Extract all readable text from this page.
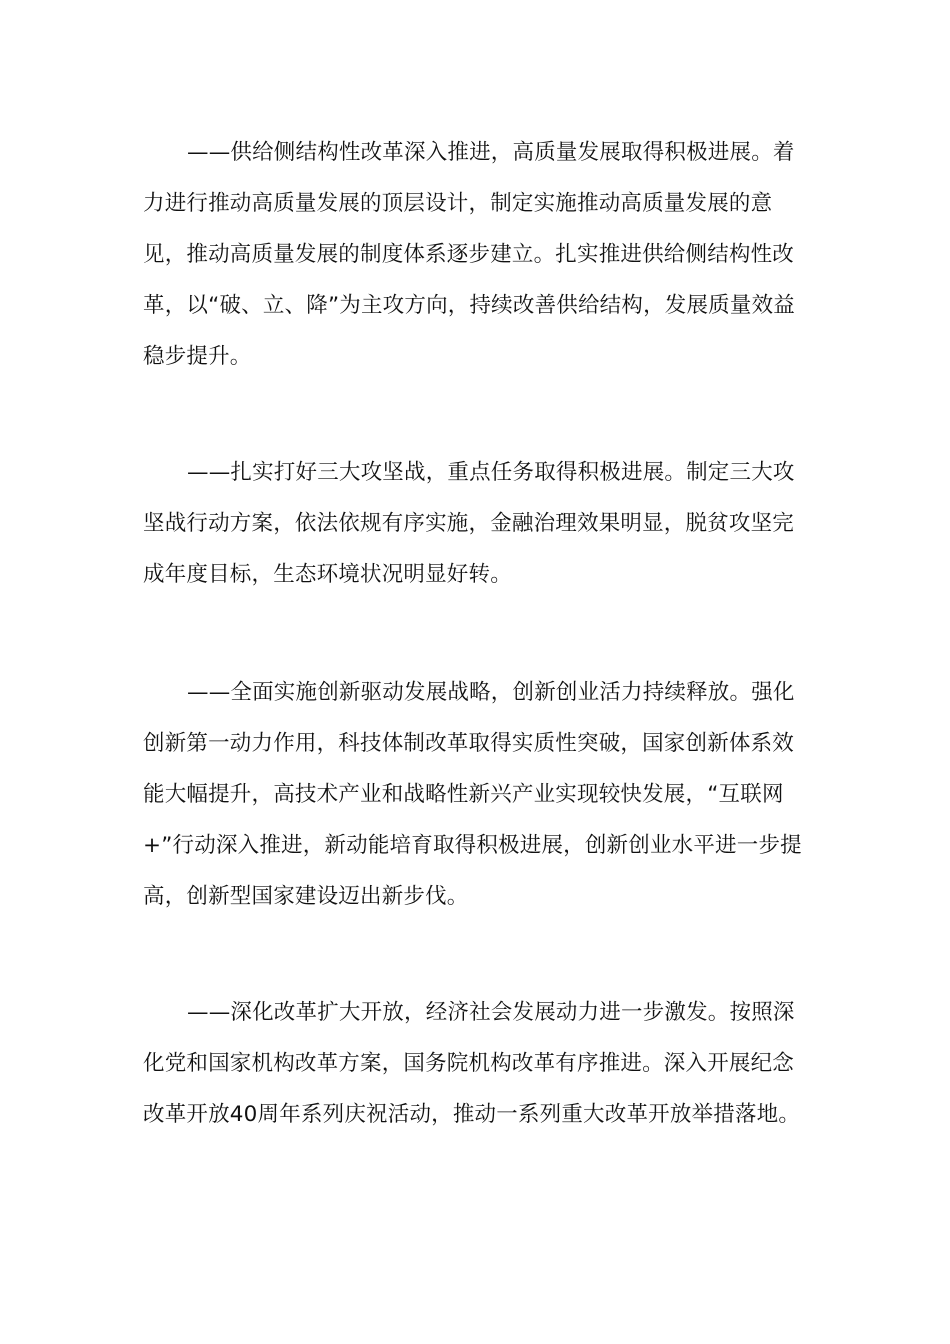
——供给侧结构性改革深入推进，高质量发展取得积极进展。着力进行推动高质量发展的顶层设计，制定实施推动高质量发展的意见，推动高质量发展的制度体系逐步建立。扎实推进供给侧结构性改革，以“破、立、降”为主攻方向，持续改善供给结构，发展质量效益稳步提升。

——扎实打好三大攻坚战，重点任务取得积极进展。制定三大攻坚战行动方案，依法依规有序实施，金融治理效果明显，脱贫攻坚完成年度目标，生态环境状况明显好转。

——全面实施创新驱动发展战略，创新创业活力持续释放。强化创新第一动力作用，科技体制改革取得实质性突破，国家创新体系效能大幅提升，高技术产业和战略性新兴产业实现较快发展，“互联网+”行动深入推进，新动能培育取得积极进展，创新创业水平进一步提高，创新型国家建设迈出新步伐。

——深化改革扩大开放，经济社会发展动力进一步激发。按照深化党和国家机构改革方案，国务院机构改革有序推进。深入开展纪念改革开放40周年系列庆祝活动，推动一系列重大改革开放举措落地。
